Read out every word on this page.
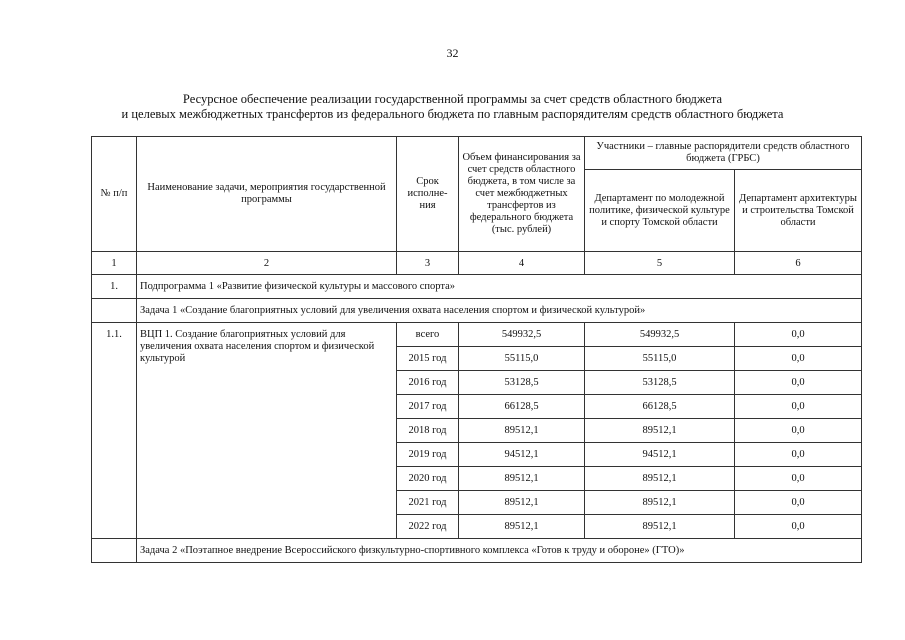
32
Ресурсное обеспечение реализации государственной программы за счет средств областного бюджета
и целевых межбюджетных трансфертов из федерального бюджета по главным распорядителям средств областного бюджета
№ п/п	Наименование задачи, мероприятия государственной программы	Срок исполне-ния	Объем финансирования за счет средств областного бюджета, в том числе за счет межбюджетных трансфертов из федерального бюджета (тыс. рублей)	Участники – главные распорядители средств областного бюджета (ГРБС)	
				Департамент по молодежной политике, физической культуре и спорту Томской области	Департамент архитектуры и строительства Томской области
1	2	3	4	5	6
1.	Подпрограмма 1 «Развитие физической культуры и массового спорта»				
	Задача 1 «Создание благоприятных условий для увеличения охвата населения спортом и физической культурой»				
1.1.	ВЦП 1. Создание благоприятных условий для увеличения охвата населения спортом и физической культурой	всего	549932,5	549932,5	0,0
		2015 год	55115,0	55115,0	0,0
		2016 год	53128,5	53128,5	0,0
		2017 год	66128,5	66128,5	0,0
		2018 год	89512,1	89512,1	0,0
		2019 год	94512,1	94512,1	0,0
		2020 год	89512,1	89512,1	0,0
		2021 год	89512,1	89512,1	0,0
		2022 год	89512,1	89512,1	0,0
	Задача 2 «Поэтапное внедрение Всероссийского физкультурно-спортивного комплекса «Готов к труду и обороне» (ГТО)»				
